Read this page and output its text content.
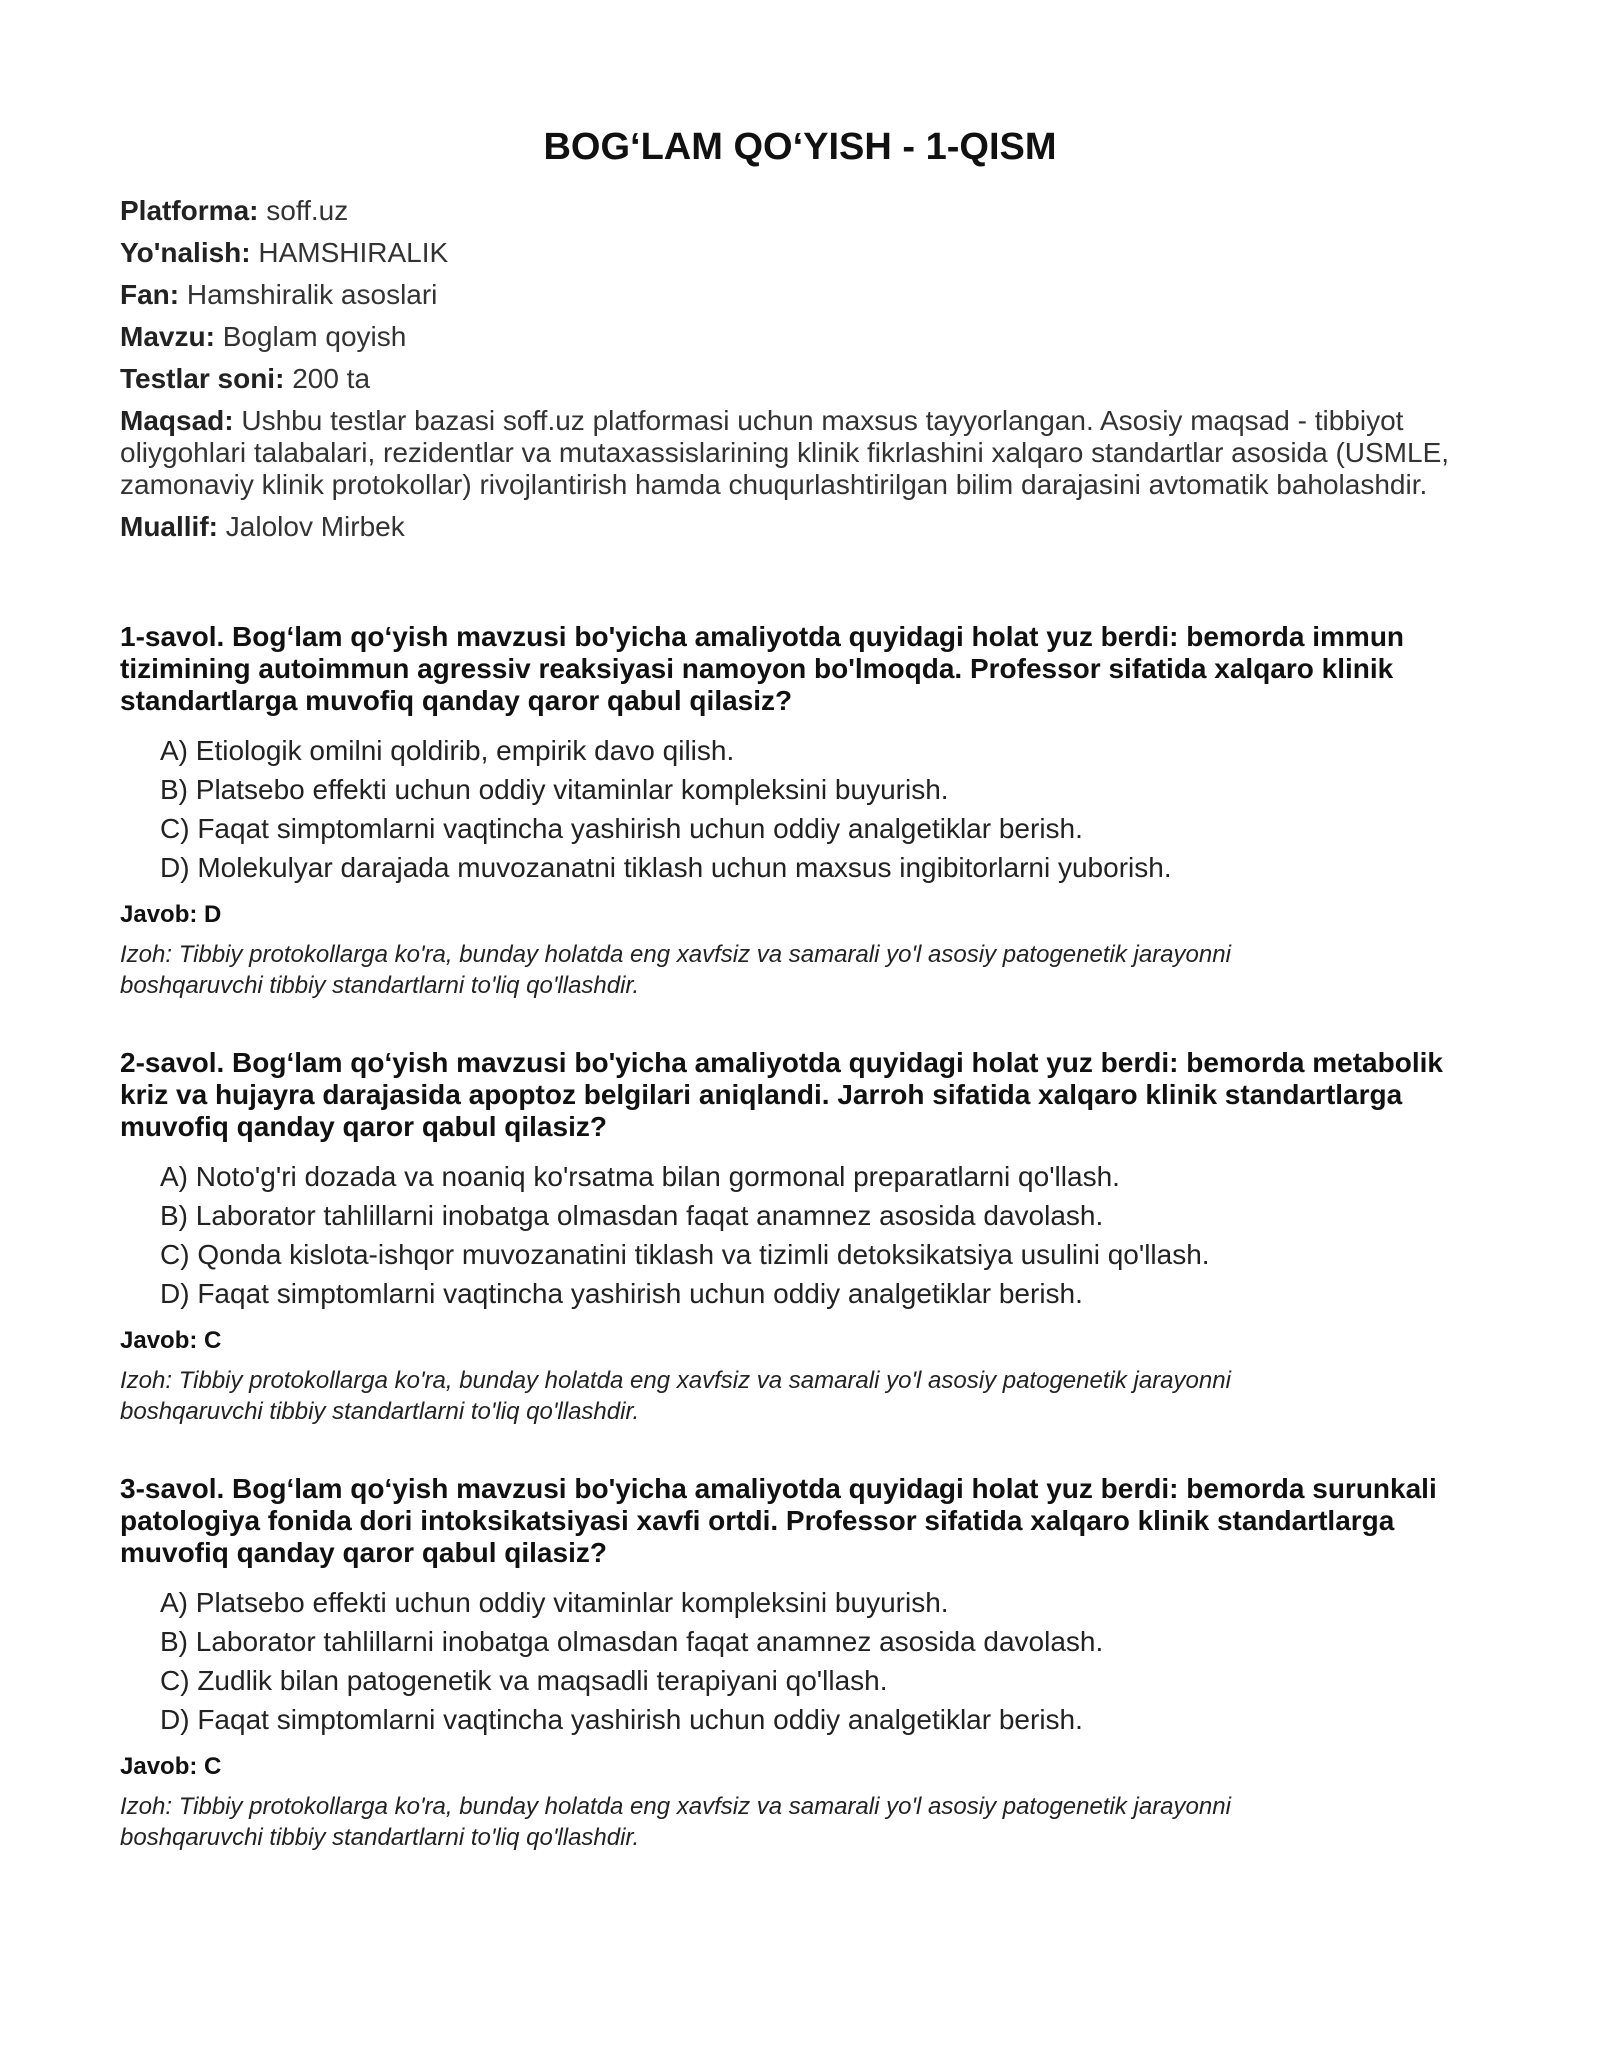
BOG‘LAM QO‘YISH - 1-QISM
Platforma: soff.uz
Yo'nalish: HAMSHIRALIK
Fan: Hamshiralik asoslari
Mavzu: Boglam qoyish
Testlar soni: 200 ta
Maqsad: Ushbu testlar bazasi soff.uz platformasi uchun maxsus tayyorlangan. Asosiy maqsad - tibbiyot oliygohlari talabalari, rezidentlar va mutaxassislarining klinik fikrlashini xalqaro standartlar asosida (USMLE, zamonaviy klinik protokollar) rivojlantirish hamda chuqurlashtirilgan bilim darajasini avtomatik baholashdir.
Muallif: Jalolov Mirbek

1-savol. Bog‘lam qo‘yish mavzusi bo'yicha amaliyotda quyidagi holat yuz berdi: bemorda immun tizimining autoimmun agressiv reaksiyasi namoyon bo'lmoqda. Professor sifatida xalqaro klinik standartlarga muvofiq qanday qaror qabul qilasiz?

A) Etiologik omilni qoldirib, empirik davo qilish.
B) Platsebo effekti uchun oddiy vitaminlar kompleksini buyurish.
C) Faqat simptomlarni vaqtincha yashirish uchun oddiy analgetiklar berish.
D) Molekulyar darajada muvozanatni tiklash uchun maxsus ingibitorlarni yuborish.
Javob: D
Izoh: Tibbiy protokollarga ko'ra, bunday holatda eng xavfsiz va samarali yo'l asosiy patogenetik jarayonni boshqaruvchi tibbiy standartlarni to'liq qo'llashdir.

2-savol. Bog‘lam qo‘yish mavzusi bo'yicha amaliyotda quyidagi holat yuz berdi: bemorda metabolik kriz va hujayra darajasida apoptoz belgilari aniqlandi. Jarroh sifatida xalqaro klinik standartlarga muvofiq qanday qaror qabul qilasiz?

A) Noto'g'ri dozada va noaniq ko'rsatma bilan gormonal preparatlarni qo'llash.
B) Laborator tahlillarni inobatga olmasdan faqat anamnez asosida davolash.
C) Qonda kislota-ishqor muvozanatini tiklash va tizimli detoksikatsiya usulini qo'llash.
D) Faqat simptomlarni vaqtincha yashirish uchun oddiy analgetiklar berish.
Javob: C
Izoh: Tibbiy protokollarga ko'ra, bunday holatda eng xavfsiz va samarali yo'l asosiy patogenetik jarayonni boshqaruvchi tibbiy standartlarni to'liq qo'llashdir.

3-savol. Bog‘lam qo‘yish mavzusi bo'yicha amaliyotda quyidagi holat yuz berdi: bemorda surunkali patologiya fonida dori intoksikatsiyasi xavfi ortdi. Professor sifatida xalqaro klinik standartlarga muvofiq qanday qaror qabul qilasiz?

A) Platsebo effekti uchun oddiy vitaminlar kompleksini buyurish.
B) Laborator tahlillarni inobatga olmasdan faqat anamnez asosida davolash.
C) Zudlik bilan patogenetik va maqsadli terapiyani qo'llash.
D) Faqat simptomlarni vaqtincha yashirish uchun oddiy analgetiklar berish.
Javob: C
Izoh: Tibbiy protokollarga ko'ra, bunday holatda eng xavfsiz va samarali yo'l asosiy patogenetik jarayonni boshqaruvchi tibbiy standartlarni to'liq qo'llashdir.
